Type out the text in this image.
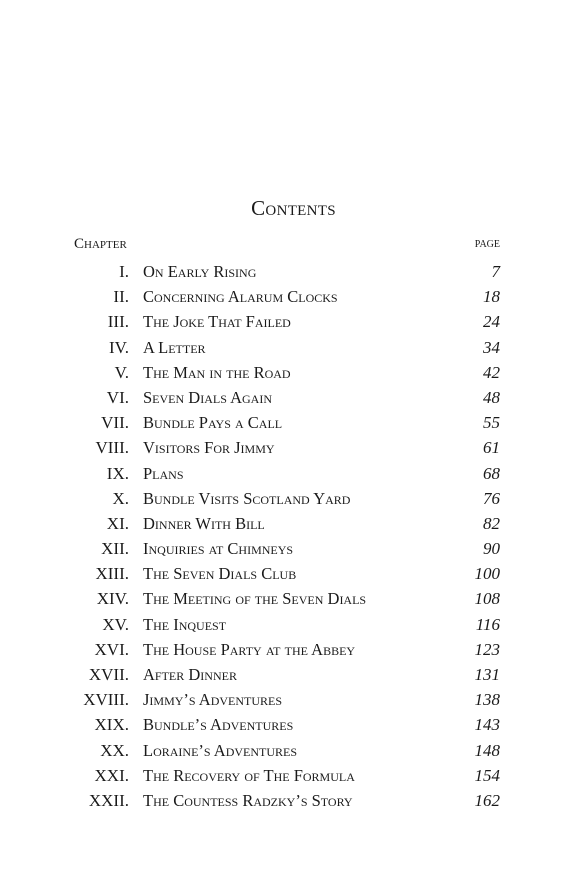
Contents
Chapter	page
I. On Early Rising	7
II. Concerning Alarum Clocks	18
III. The Joke That Failed	24
IV. A Letter	34
V. The Man in the Road	42
VI. Seven Dials Again	48
VII. Bundle Pays a Call	55
VIII. Visitors For Jimmy	61
IX. Plans	68
X. Bundle Visits Scotland Yard	76
XI. Dinner With Bill	82
XII. Inquiries at Chimneys	90
XIII. The Seven Dials Club	100
XIV. The Meeting of the Seven Dials	108
XV. The Inquest	116
XVI. The House Party at the Abbey	123
XVII. After Dinner	131
XVIII. Jimmy’s Adventures	138
XIX. Bundle’s Adventures	143
XX. Loraine’s Adventures	148
XXI. The Recovery of The Formula	154
XXII. The Countess Radzky’s Story	162
